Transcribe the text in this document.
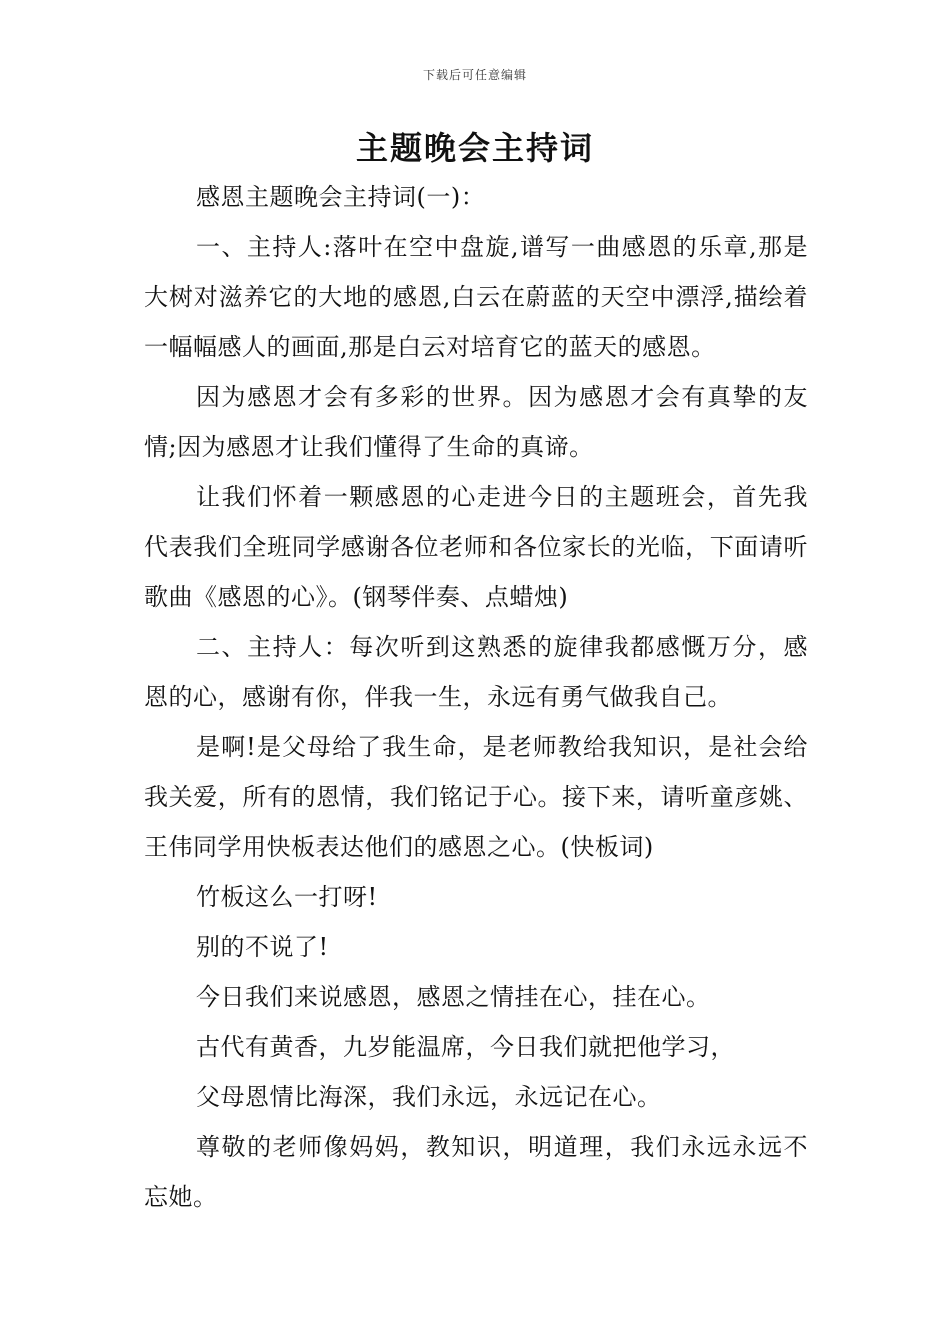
下载后可任意编辑
主题晚会主持词

感恩主题晚会主持词(一)：

一、主持人:落叶在空中盘旋,谱写一曲感恩的乐章,那是大树对滋养它的大地的感恩,白云在蔚蓝的天空中漂浮,描绘着一幅幅感人的画面,那是白云对培育它的蓝天的感恩。

因为感恩才会有多彩的世界。因为感恩才会有真挚的友情;因为感恩才让我们懂得了生命的真谛。

让我们怀着一颗感恩的心走进今日的主题班会，首先我代表我们全班同学感谢各位老师和各位家长的光临，下面请听歌曲《感恩的心》。(钢琴伴奏、点蜡烛)

二、主持人：每次听到这熟悉的旋律我都感慨万分，感恩的心，感谢有你，伴我一生，永远有勇气做我自己。

是啊!是父母给了我生命，是老师教给我知识，是社会给我关爱，所有的恩情，我们铭记于心。接下来，请听童彦姚、王伟同学用快板表达他们的感恩之心。(快板词)

竹板这么一打呀!

别的不说了!

今日我们来说感恩，感恩之情挂在心，挂在心。

古代有黄香，九岁能温席，今日我们就把他学习，

父母恩情比海深，我们永远，永远记在心。

尊敬的老师像妈妈，教知识，明道理，我们永远永远不忘她。
